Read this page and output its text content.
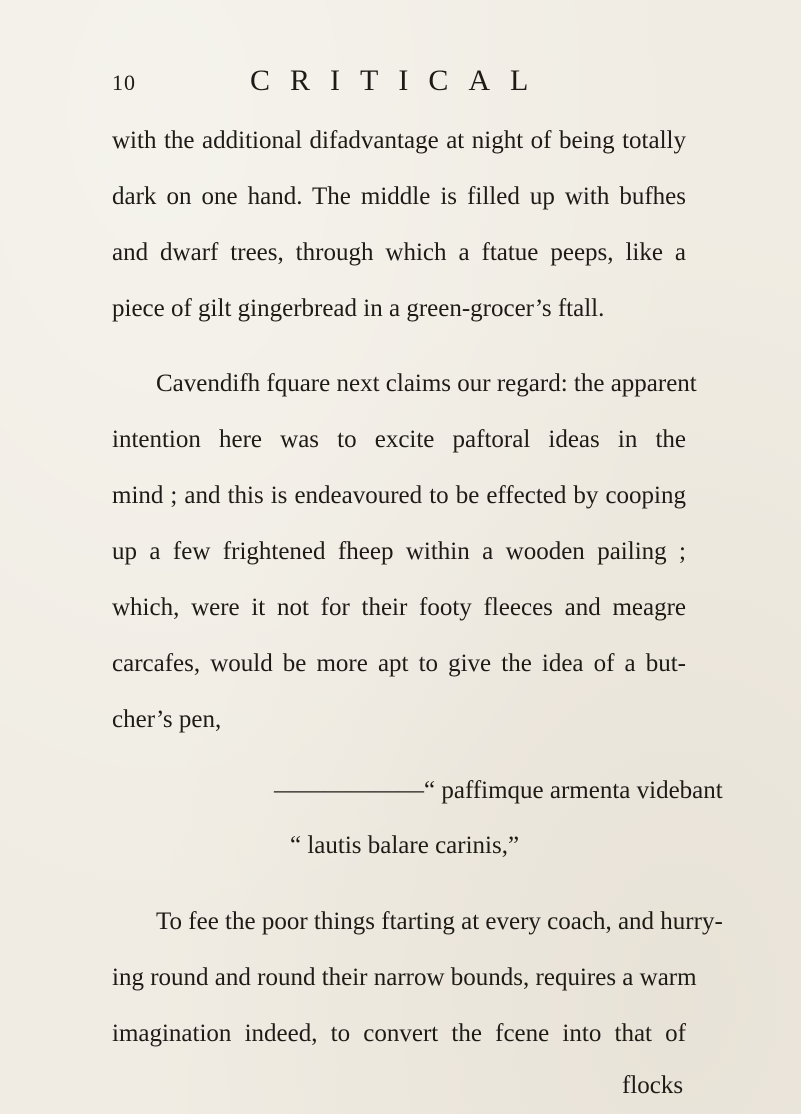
10	CRITICAL
with the additional difadvantage at night of being totally
dark on one hand. The middle is filled up with bufhes
and dwarf trees, through which a ftatue peeps, like a
piece of gilt gingerbread in a green-grocer’s ftall.
Cavendifh fquare next claims our regard: the apparent
intention here was to excite paftoral ideas in the
mind ; and this is endeavoured to be effected by cooping
up a few frightened fheep within a wooden pailing ;
which, were it not for their footy fleeces and meagre
carcafes, would be more apt to give the idea of a but-
cher’s pen,
——————“ paffimque armenta videbant
“ lautis balare carinis,”
To fee the poor things ftarting at every coach, and hurry-
ing round and round their narrow bounds, requires a warm
imagination indeed, to convert the fcene into that of
flocks
